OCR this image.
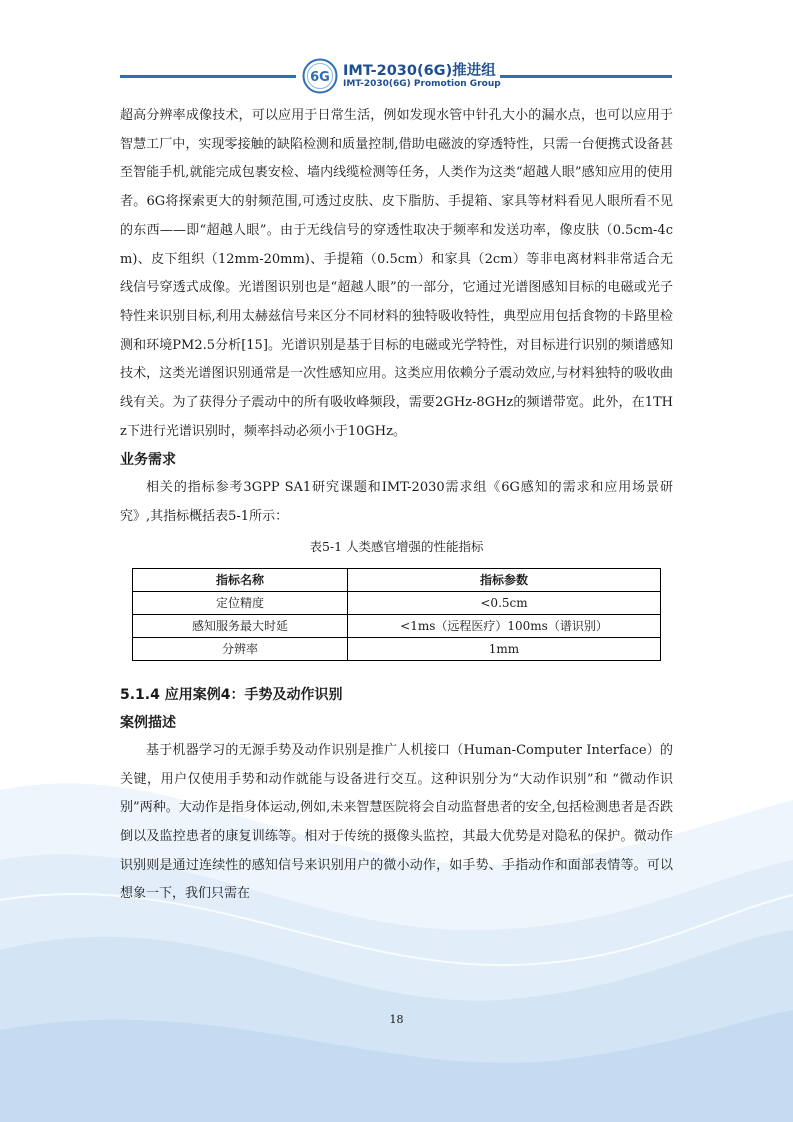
6G IMT-2030(6G)推进组
IMT-2030(6G) Promotion Group

超高分辨率成像技术，可以应用于日常生活，例如发现水管中针孔大小的漏水点，也可以应用于智慧工厂中，实现零接触的缺陷检测和质量控制,借助电磁波的穿透特性，只需一台便携式设备甚至智能手机,就能完成包裹安检、墙内线缆检测等任务，人类作为这类“超越人眼”感知应用的使用者。6G将探索更大的射频范围,可透过皮肤、皮下脂肪、手提箱、家具等材料看见人眼所看不见的东西——即“超越人眼”。由于无线信号的穿透性取决于频率和发送功率，像皮肤（0.5cm-4cm)、皮下组织（12mm-20mm)、手提箱（0.5cm）和家具（2cm）等非电离材料非常适合无线信号穿透式成像。光谱图识别也是“超越人眼”的一部分，它通过光谱图感知目标的电磁或光子特性来识别目标,利用太赫兹信号来区分不同材料的独特吸收特性，典型应用包括食物的卡路里检测和环境PM2.5分析[15]。光谱识别是基于目标的电磁或光学特性，对目标进行识别的频谱感知技术，这类光谱图识别通常是一次性感知应用。这类应用依赖分子震动效应,与材料独特的吸收曲线有关。为了获得分子震动中的所有吸收峰频段，需要2GHz-8GHz的频谱带宽。此外，在1THz下进行光谱识别时，频率抖动必须小于10GHz。

业务需求

相关的指标参考3GPP SA1研究课题和IMT-2030需求组《6G感知的需求和应用场景研究》,其指标概括表5-1所示：

表5-1 人类感官增强的性能指标

指标名称	指标参数
定位精度	<0.5cm
感知服务最大时延	<1ms（远程医疗）100ms（谱识别）
分辨率	1mm

5.1.4 应用案例4：手势及动作识别

案例描述

基于机器学习的无源手势及动作识别是推广人机接口（Human-Computer Interface）的关键，用户仅使用手势和动作就能与设备进行交互。这种识别分为“大动作识别”和 “微动作识别”两种。大动作是指身体运动,例如,未来智慧医院将会自动监督患者的安全,包括检测患者是否跌倒以及监控患者的康复训练等。相对于传统的摄像头监控，其最大优势是对隐私的保护。微动作识别则是通过连续性的感知信号来识别用户的微小动作，如手势、手指动作和面部表情等。可以想象一下，我们只需在

18
